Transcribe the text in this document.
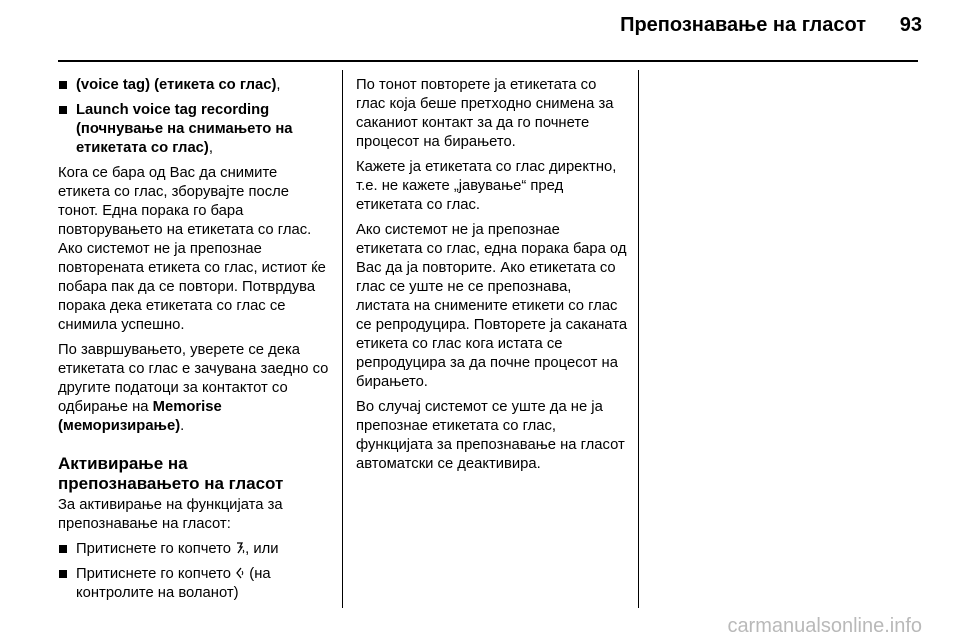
Препознавање на гласот 93
(voice tag) (етикета со глас),
Launch voice tag recording (почнување на снимањето на етикетата со глас),

Кога се бара од Вас да снимите етикета со глас, зборувајте после тонот. Една порака го бара повторувањето на етикетата со глас. Ако системот не ја препознае повторената етикета со глас, истиот ќе побара пак да се повтори. Потврдува порака дека етикетата со глас се снимила успешно.

По завршувањето, уверете се дека етикетата со глас е зачувана заедно со другите податоци за контактот со одбирање на Memorise (меморизирање).

Активирање на препознавањето на гласот

За активирање на функцијата за препознавање на гласот:

Притиснете го копчето , или
Притиснете го копчето (на контролите на воланот)

По тонот повторете ја етикетата со глас која беше претходно снимена за саканиот контакт за да го почнете процесот на бирањето.

Кажете ја етикетата со глас директно, т.е. не кажете „јавување“ пред етикетата со глас.

Ако системот не ја препознае етикетата со глас, една порака бара од Вас да ја повторите. Ако етикетата со глас се уште не се препознава, листата на снимените етикети со глас се репродуцира. Повторете ја саканата етикета со глас кога истата се репродуцира за да почне процесот на бирањето.

Во случај системот се уште да не ја препознае етикетата со глас, функцијата за препознавање на гласот автоматски се деактивира.

carmanualsonline.info
